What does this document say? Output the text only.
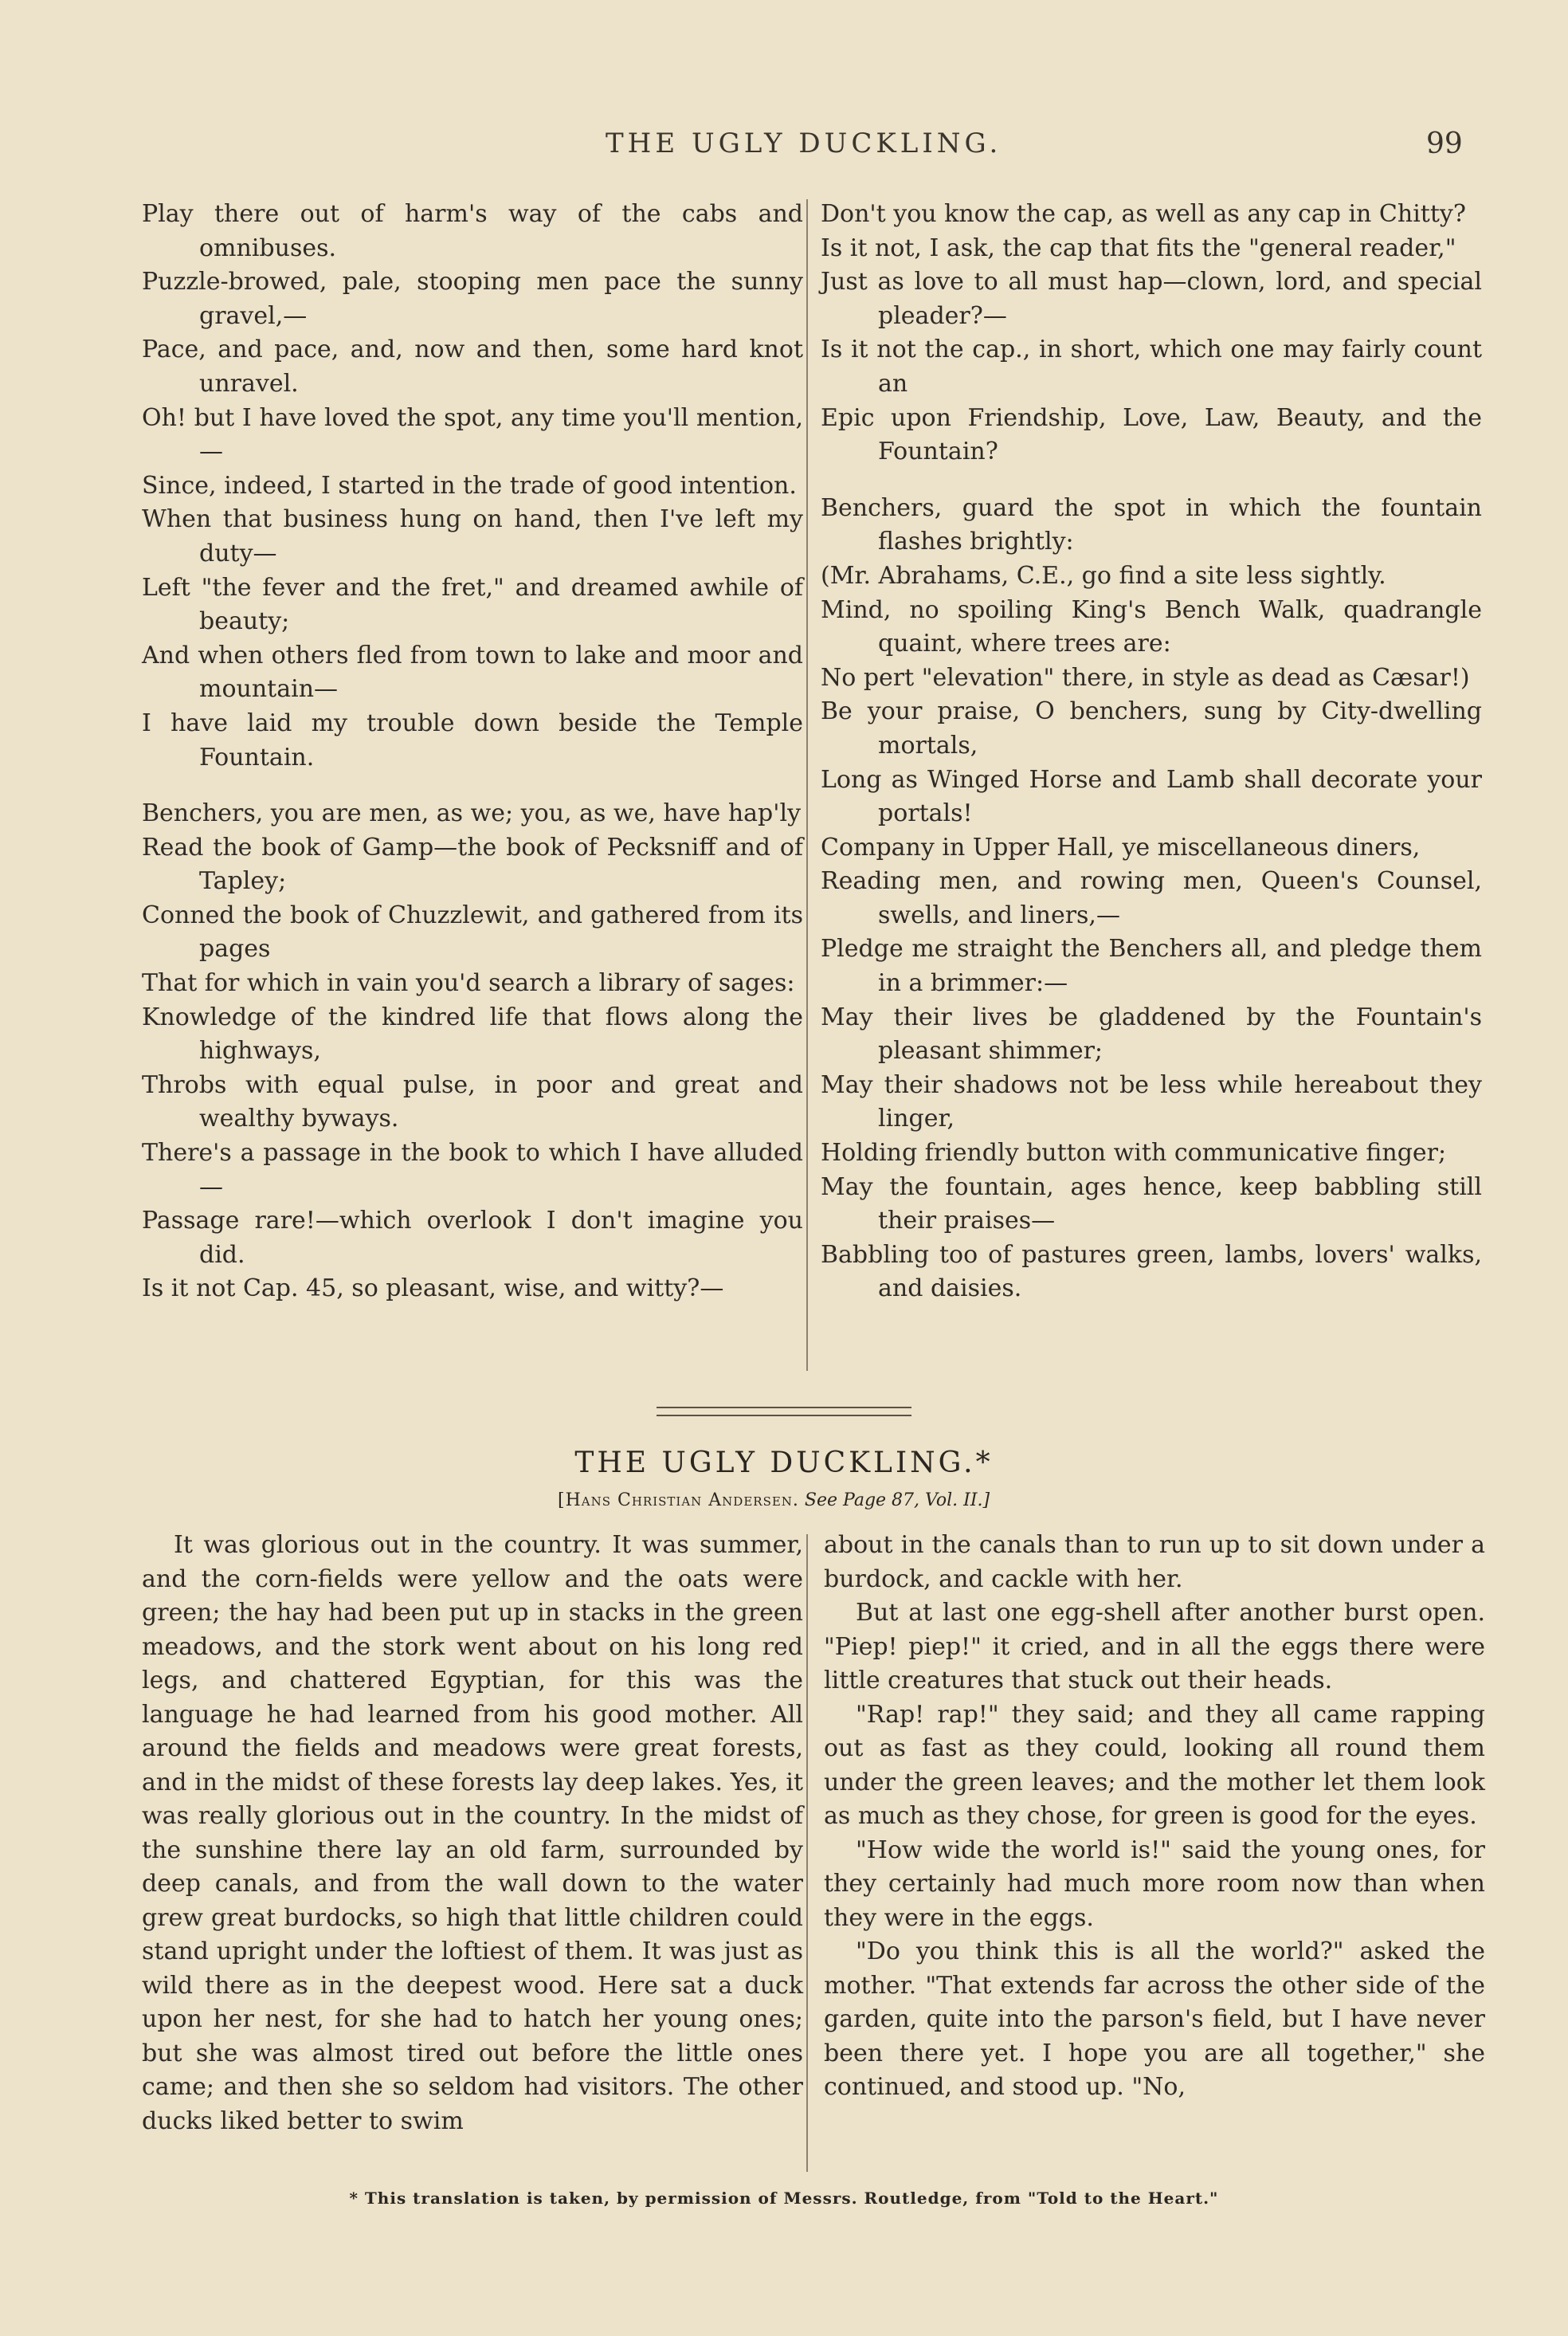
THE UGLY DUCKLING.	99
Play there out of harm's way of the cabs and omnibuses.
Puzzle-browed, pale, stooping men pace the sunny gravel,—
Pace, and pace, and, now and then, some hard knot unravel.
Oh! but I have loved the spot, any time you'll mention,—
Since, indeed, I started in the trade of good intention.
When that business hung on hand, then I've left my duty—
Left "the fever and the fret," and dreamed awhile of beauty;
And when others fled from town to lake and moor and mountain—
I have laid my trouble down beside the Temple Fountain.
Benchers, you are men, as we; you, as we, have hap'ly
Read the book of Gamp—the book of Pecksniff and of Tapley;
Conned the book of Chuzzlewit, and gathered from its pages
That for which in vain you'd search a library of sages:
Knowledge of the kindred life that flows along the highways,
Throbs with equal pulse, in poor and great and wealthy byways.
There's a passage in the book to which I have alluded—
Passage rare!—which overlook I don't imagine you did.
Is it not Cap. 45, so pleasant, wise, and witty?—
Don't you know the cap, as well as any cap in Chitty?
Is it not, I ask, the cap that fits the "general reader,"
Just as love to all must hap—clown, lord, and special pleader?—
Is it not the cap., in short, which one may fairly count an
Epic upon Friendship, Love, Law, Beauty, and the Fountain?
Benchers, guard the spot in which the fountain flashes brightly:
(Mr. Abrahams, C.E., go find a site less sightly.
Mind, no spoiling King's Bench Walk, quadrangle quaint, where trees are:
No pert "elevation" there, in style as dead as Cæsar!)
Be your praise, O benchers, sung by City-dwelling mortals,
Long as Winged Horse and Lamb shall decorate your portals!
Company in Upper Hall, ye miscellaneous diners,
Reading men, and rowing men, Queen's Counsel, swells, and liners,—
Pledge me straight the Benchers all, and pledge them in a brimmer:—
May their lives be gladdened by the Fountain's pleasant shimmer;
May their shadows not be less while hereabout they linger,
Holding friendly button with communicative finger;
May the fountain, ages hence, keep babbling still their praises—
Babbling too of pastures green, lambs, lovers' walks, and daisies.
THE UGLY DUCKLING.*
[Hans Christian Andersen. See Page 87, Vol. II.]

It was glorious out in the country. It was summer, and the corn-fields were yellow and the oats were green; the hay had been put up in stacks in the green meadows, and the stork went about on his long red legs, and chattered Egyptian, for this was the language he had learned from his good mother. All around the fields and meadows were great forests, and in the midst of these forests lay deep lakes. Yes, it was really glorious out in the country. In the midst of the sunshine there lay an old farm, surrounded by deep canals, and from the wall down to the water grew great burdocks, so high that little children could stand upright under the loftiest of them. It was just as wild there as in the deepest wood. Here sat a duck upon her nest, for she had to hatch her young ones; but she was almost tired out before the little ones came; and then she so seldom had visitors. The other ducks liked better to swim

about in the canals than to run up to sit down under a burdock, and cackle with her.

But at last one egg-shell after another burst open. "Piep! piep!" it cried, and in all the eggs there were little creatures that stuck out their heads.

"Rap! rap!" they said; and they all came rapping out as fast as they could, looking all round them under the green leaves; and the mother let them look as much as they chose, for green is good for the eyes.

"How wide the world is!" said the young ones, for they certainly had much more room now than when they were in the eggs.

"Do you think this is all the world?" asked the mother. "That extends far across the other side of the garden, quite into the parson's field, but I have never been there yet. I hope you are all together," she continued, and stood up. "No,

* This translation is taken, by permission of Messrs. Routledge, from "Told to the Heart."
